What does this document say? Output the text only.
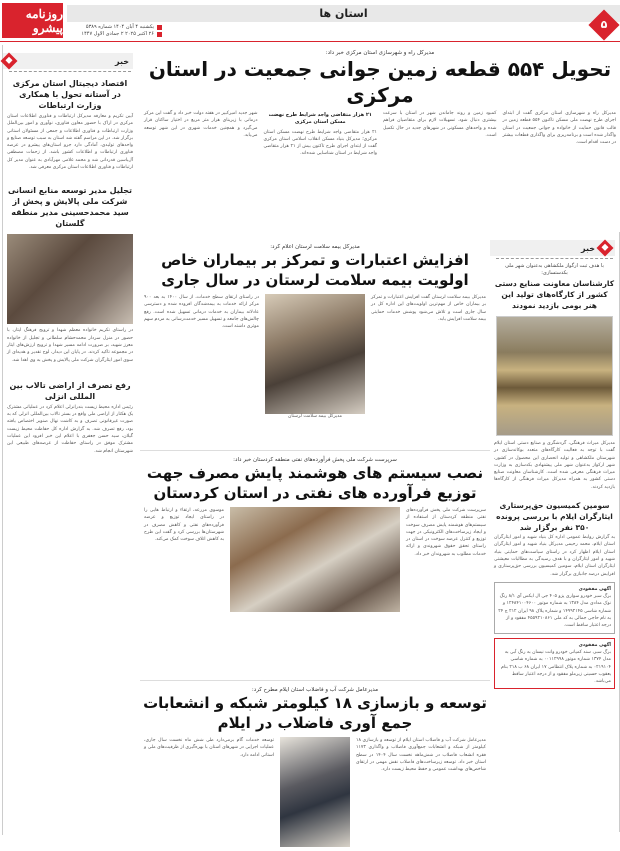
روزنامه پیشرو
استان ها
یکشنبه ۴ آبان ۱۴۰۴ شماره ۵۳۸۹
۲۶ اکتبر ۲۰۲۵ ۲ جمادی الاول ۱۴۴۷
۵
خبر
اقتصاد دیجیتال استان مرکزی در آستانه تحول با همکاری وزارت ارتباطات
آیین تکریم و معارفه مدیرکل ارتباطات و فناوری اطلاعات استان مرکزی در اراک با حضور معاون فناوری، نوآوری و امور بین‌الملل وزارت ارتباطات و فناوری اطلاعات و جمعی از مسئولان استانی برگزار شد. در این مراسم گفته شد استان به سبب توسعه صنایع و واحدهای تولیدی، آمادگی دارد جزو استان‌های پیشرو در عرصه فناوری ارتباطات و اطلاعات کشور باشد. از زحمات مصطفی آل‌یاسین قدردانی شد و محمد غلامی مهرآبادی به عنوان مدیر کل ارتباطات و فناوری اطلاعات استان مرکزی معرفی شد.
تجلیل مدیر توسعه منابع انسانی شرکت ملی پالایش و پخش از سید محمدحسینی مدیر منطقه گلستان
در راستای تکریم خانواده معظم شهدا و ترویج فرهنگ ایثار، با حضور در منزل سردار محمدحشام سلطانی و تجلیل از خانواده معزز شهید، بر ضرورت ادامه مسیر شهدا و ترویج ارزش‌های ایثار در مجموعه تاکید کردند. در پایان این دیدار، لوح تقدیر و هدیه‌ای از سوی امور ایثارگران شرکت ملی پالایش و پخش به وی اهدا شد.
رفع تصرف از اراضی تالاب بین المللی انزلی
رئیس اداره محیط زیست بندرانزلی اعلام کرد در عملیاتی مشترک یک هکتار از اراضی ملی واقع در بستر تالاب بین‌المللی انزلی که به صورت غیرقانونی تصرف و به کاشت نهال صنوبر اختصاص یافته بود، رفع تصرف شد. به گزارش اداره کل حفاظت محیط زیست گیلان، سید حسن جعفری با اعلام این خبر افزود این عملیات مشترک موفق در راستای حفاظت از عرصه‌های طبیعی این شهرستان انجام شد.
مدیرکل راه و شهرسازی استان مرکزی خبر داد:
تحویل ۵۵۴ قطعه زمین جوانی جمعیت در استان مرکزی
مدیرکل راه و شهرسازی استان مرکزی گفت از ابتدای اجرای طرح نهضت ملی مسکن تاکنون ۵۵۴ قطعه زمین در قالب قانون حمایت از خانواده و جوانی جمعیت در استان واگذار شده است و برنامه‌ریزی برای واگذاری قطعات بیشتر در دست اقدام است.
کمبود زمین و روند جاماندن شهر در استان با سرعت بیشتری دنبال شود. تسهیلات لازم برای متقاضیان فراهم شده و واحدهای مسکونی در شهرهای جدید در حال تکمیل است.
۲۱ هزار متقاضی واجد شرایط طرح نهضت مسکن استان مرکزی
۲۱ هزار متقاضی واجد شرایط طرح نهضت مسکن استان مرکزی؛ مدیرکل بنیاد مسکن انقلاب اسلامی استان مرکزی گفت از ابتدای اجرای طرح تاکنون بیش از ۲۱ هزار متقاضی واجد شرایط در استان شناسایی شده‌اند.
شهر جدید امیرکبیر در هفته دولت خبر داد و گفت این مرکز درمانی با زیربنای هزار متر مربع در اختیار ساکنان قرار می‌گیرد و همچنین خدمات شهری در این شهر توسعه می‌یابد.
خبر
با هدف ثبت ارگواز ملکشاهی به‌عنوان شهر ملی بکدستسازی:
کارشناسان معاونت صنایع دستی کشور از کارگاه‌های تولید این هنر بومی بازدید نمودند
مدیرکل میراث فرهنگی، گردشگری و صنایع دستی استان ایلام گفت با توجه به فعالیت کارگاه‌های متعدد بوکاندسازی در شهرستان ملکشاهی و تولید انحصاری این محصول در کشور، شهر ارکواز به‌عنوان شهر ملی پیشنهادی بکدسازی به وزارت میراث فرهنگی معرفی شده است. کارشناسان معاونت صنایع دستی کشور به همراه مدیرکل میراث فرهنگی از کارگاه‌ها بازدید کردند.
سومین کمیسیون حق‌پرستاری ایثارگران ایلام با بررسی پرونده ۳۵۰ نفر برگزار شد
به گزارش روابط عمومی اداره کل بنیاد شهید و امور ایثارگران استان ایلام، محمد رحیمی مدیرکل بنیاد شهید و امور ایثارگران استان ایلام اظهار کرد در راستای سیاست‌های حمایتی بنیاد شهید و امور ایثارگران و با هدف رسیدگی به مطالبات معیشتی ایثارگران استان ایلام، سومین کمیسیون بررسی حق‌پرستاری و افزایش درصد جانبازی برگزار شد.
آگهی مفقودی
برگ سبز خودرو سواری پژو ۴۰۵ جی ال ایکس آی ۸/۱ رنگ نوک مدادی مدل ۱۳۸۴ به شماره موتور ۱۲۴۸۴۱۰۰۴۶۰۰ و شماره شاسی ۱۴۹۹۲۱۴۵ و شماره پلاک ۹۸ ایران ۲۱۲ ج ۲۴ به نام حاجی جمالی به کد ملی ۴۵۵۹۲۱۰۸۶۱ مفقود و از درجه اعتبار ساقط است.
آگهی مفقودی
برگ سبز، سند کمپانی خودرو وانت نیسان به رنگ آبی به مدل ۱۳۷۴ شماره موتور ۰۰۱۱۲۹۹۸ به شماره شاسی ۰۲۱۹۱۰۴ به شماره پلاک انتظامی ۱۷ ایران ۶۸ ب ۲۱۸ بنام یعقوب حسینی زیرملو مفقود و از درجه اعتبار ساقط می‌باشد.
مدیرکل بیمه سلامت لرستان اعلام کرد:
افزایش اعتبارات و تمرکز بر بیماران خاص اولویت بیمه سلامت لرستان در سال جاری
مدیرکل بیمه سلامت لرستان گفت افزایش اعتبارات و تمرکز بر بیماران خاص از مهم‌ترین اولویت‌های این اداره کل در سال جاری است و تلاش می‌شود پوشش خدمات حمایتی بیمه سلامت افزایش یابد.
مدیرکل بیمه سلامت لرستان
در راستای ارتقای سطح خدمات، از سال ۱۴۰۰ به بعد ۹۰۰ مرکز ارائه خدمات به بیمه‌شدگان افزوده شده و دسترسی عادلانه بیماران به خدمات درمانی تسهیل شده است. رفع چالش‌های جامعه و تسهیل مسیر خدمت‌رسانی به مردم سهم موثری داشته است.
سرپرست شرکت ملی پخش فرآورده‌های نفتی منطقه کردستان خبر داد:
نصب سیستم های هوشمند پایش مصرف جهت توزیع فرآورده های نفتی در استان کردستان
سرپرست شرکت ملی پخش فرآورده‌های نفتی منطقه کردستان از استفاده از سیستم‌های هوشمند پایش مصرف سوخت و ایجاد زیرساخت‌های الکترونیکی در جهت توزیع و کنترل عرضه سوخت در استان در راستای تحقق حقوق شهروندی و ارائه خدمات مطلوب به شهروندان خبر داد.
موسوی مزرعه، ارتقاء و ارتباط هایی را در راستای ایجاد توزیع و عرضه فرآورده‌های نفتی و کاهش مصرف در شهرستان‌ها بررسی کرد و گفت این طرح به کاهش اتلاف سوخت کمک می‌کند.
مدیرعامل شرکت آب و فاضلاب استان ایلام مطرح کرد:
توسعه و بازسازی ۱۸ کیلومتر شبکه و انشعابات جمع آوری فاضلاب در ایلام
مدیرعامل شرکت آب و فاضلاب استان ایلام از توسعه و بازسازی ۱۸ کیلومتر از شبکه و انشعابات جمع‌آوری فاضلاب و واگذاری ۱۱۷۳ فقره انشعاب فاضلاب در شش‌ماهه نخست سال ۱۴۰۴ در سطح استان خبر داد. توسعه زیرساخت‌های فاضلاب نقش مهمی در ارتقای شاخص‌های بهداشت عمومی و حفظ محیط زیست دارد.
توسعه خدمات گام برمی‌دارد طی شش ماه نخست سال جاری، عملیات اجرایی در شهرهای استان با بهره‌گیری از ظرفیت‌های ملی و استانی ادامه دارد.
